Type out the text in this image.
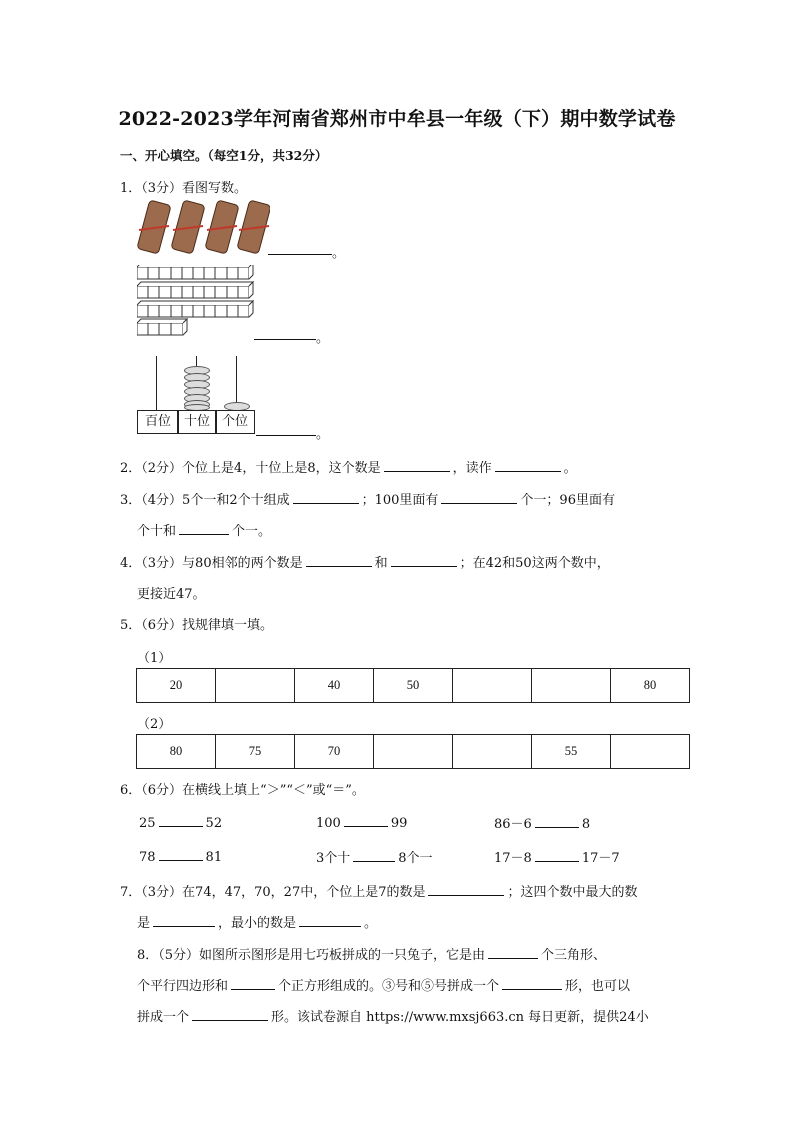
2022-2023学年河南省郑州市中牟县一年级（下）期中数学试卷
一、开心填空。（每空1分，共32分）
1．（3分）看图写数。
。
。
百位 十位 个位
。
2．（2分）个位上是4，十位上是8，这个数是	，读作	。
3．（4分）5个一和2个十组成	；100里面有	个一；96里面有
个十和	个一。
4．（3分）与80相邻的两个数是	和	；在42和50这两个数中，
更接近47。
5．（6分）找规律填一填。
（1）
20		40	50			80
（2）
80	75	70			55	
6．（6分）在横线上填上“＞”“＜”或“＝”。
25	52	100	99	86－6	8
78	81	3个十	8个一	17－8	17－7
7．（3分）在74，47，70，27中，个位上是7的数是	；这四个数中最大的数
是	，最小的数是	。
8．（5分）如图所示图形是用七巧板拼成的一只兔子，它是由	个三角形、
个平行四边形和	个正方形组成的。③号和⑤号拼成一个	形，也可以
拼成一个	形。该试卷源自 https://www.mxsj663.cn 每日更新，提供24小
